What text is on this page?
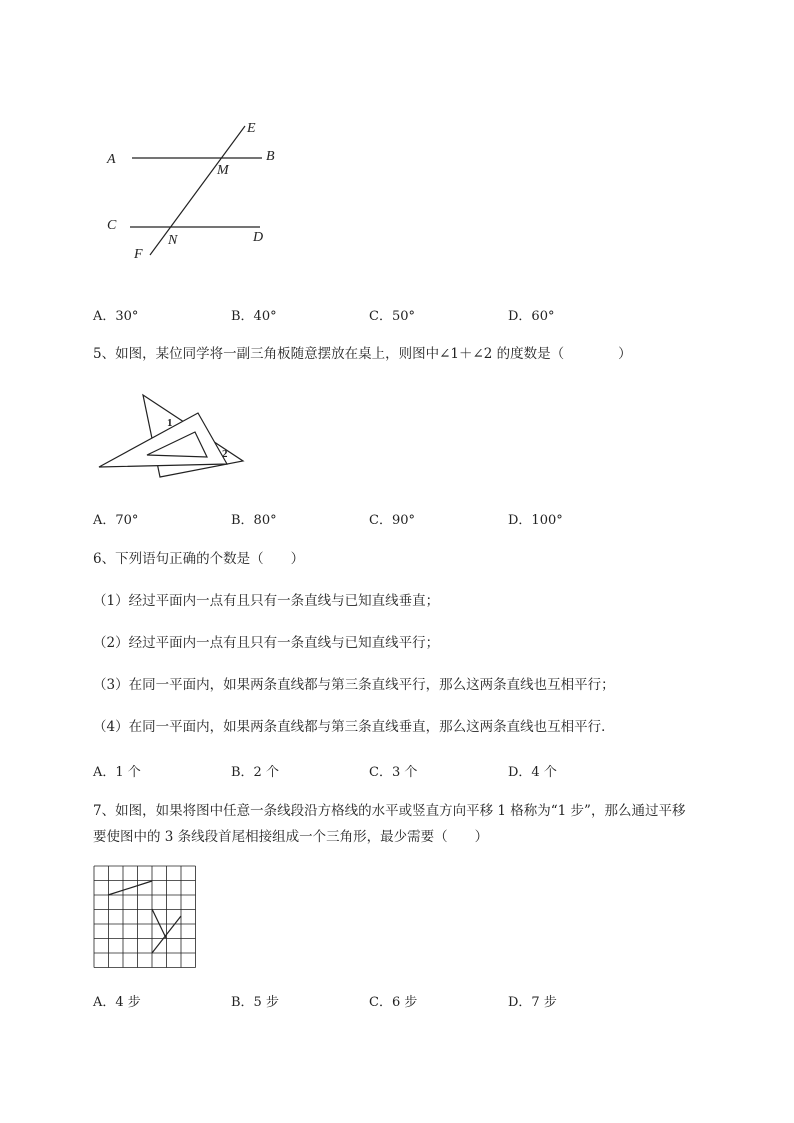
A	B
C
D
E
F
M
N
A．30°	B．40°	C．50°	D．60°
5、如图，某位同学将一副三角板随意摆放在桌上，则图中∠1＋∠2 的度数是（　　　　）
1
2
A．70°	B．80°	C．90°	D．100°
6、下列语句正确的个数是（　　）
（1）经过平面内一点有且只有一条直线与已知直线垂直；
（2）经过平面内一点有且只有一条直线与已知直线平行；
（3）在同一平面内，如果两条直线都与第三条直线平行，那么这两条直线也互相平行；
（4）在同一平面内，如果两条直线都与第三条直线垂直，那么这两条直线也互相平行．
A．1 个	B．2 个	C．3 个	D．4 个
7、如图，如果将图中任意一条线段沿方格线的水平或竖直方向平移 1 格称为“1 步”，那么通过平移
要使图中的 3 条线段首尾相接组成一个三角形，最少需要（　　）
A．4 步	B．5 步	C．6 步	D．7 步
